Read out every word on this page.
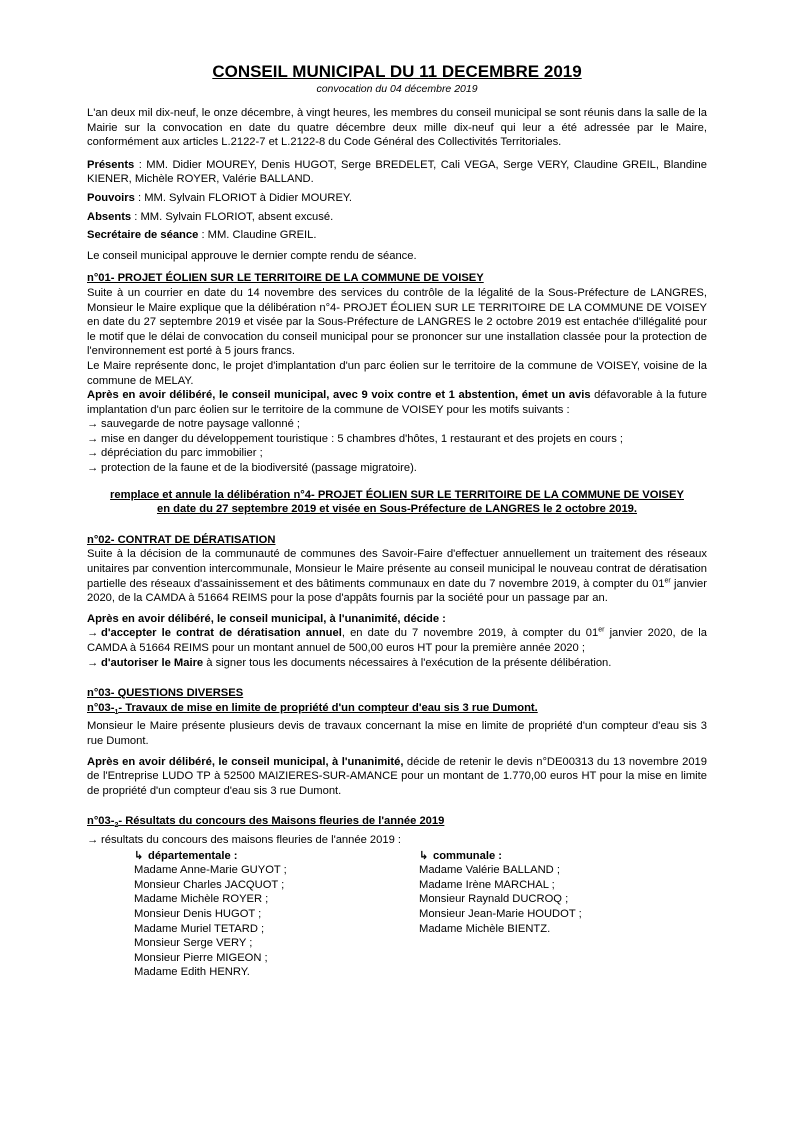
CONSEIL MUNICIPAL DU 11 DECEMBRE 2019
convocation du 04 décembre 2019

L'an deux mil dix-neuf, le onze décembre, à vingt heures, les membres du conseil municipal se sont réunis dans la salle de la Mairie sur la convocation en date du quatre décembre deux mille dix-neuf qui leur a été adressée par le Maire, conformément aux articles L.2122-7 et L.2122-8 du Code Général des Collectivités Territoriales.

Présents : MM. Didier MOUREY, Denis HUGOT, Serge BREDELET, Cali VEGA, Serge VERY, Claudine GREIL, Blandine KIENER, Michèle ROYER, Valérie BALLAND.

Pouvoirs : MM. Sylvain FLORIOT à Didier MOUREY.

Absents : MM. Sylvain FLORIOT, absent excusé.

Secrétaire de séance : MM. Claudine GREIL.

Le conseil municipal approuve le dernier compte rendu de séance.

n°01- PROJET ÉOLIEN SUR LE TERRITOIRE DE LA COMMUNE DE VOISEY

Suite à un courrier en date du 14 novembre des services du contrôle de la légalité de la Sous-Préfecture de LANGRES, Monsieur le Maire explique que la délibération n°4- PROJET ÉOLIEN SUR LE TERRITOIRE DE LA COMMUNE DE VOISEY en date du 27 septembre 2019 et visée par la Sous-Préfecture de LANGRES le 2 octobre 2019 est entachée d'illégalité pour le motif que le délai de convocation du conseil municipal pour se prononcer sur une installation classée pour la protection de l'environnement est porté à 5 jours francs.

Le Maire représente donc, le projet d'implantation d'un parc éolien sur le territoire de la commune de VOISEY, voisine de la commune de MELAY.

Après en avoir délibéré, le conseil municipal, avec 9 voix contre et 1 abstention, émet un avis défavorable à la future implantation d'un parc éolien sur le territoire de la commune de VOISEY pour les motifs suivants :

→ sauvegarde de notre paysage vallonné ;
→ mise en danger du développement touristique : 5 chambres d'hôtes, 1 restaurant et des projets en cours ;
→ dépréciation du parc immobilier ;
→ protection de la faune et de la biodiversité (passage migratoire).

remplace et annule la délibération n°4- PROJET ÉOLIEN SUR LE TERRITOIRE DE LA COMMUNE DE VOISEY

en date du 27 septembre 2019 et visée en Sous-Préfecture de LANGRES le 2 octobre 2019.

n°02- CONTRAT DE DÉRATISATION

Suite à la décision de la communauté de communes des Savoir-Faire d'effectuer annuellement un traitement des réseaux unitaires par convention intercommunale, Monsieur le Maire présente au conseil municipal le nouveau contrat de dératisation partielle des réseaux d'assainissement et des bâtiments communaux en date du 7 novembre 2019, à compter du 01er janvier 2020, de la CAMDA à 51664 REIMS pour la pose d'appâts fournis par la société pour un passage par an.

Après en avoir délibéré, le conseil municipal, à l'unanimité, décide :

→ d'accepter le contrat de dératisation annuel, en date du 7 novembre 2019, à compter du 01er janvier 2020, de la CAMDA à 51664 REIMS pour un montant annuel de 500,00 euros HT pour la première année 2020 ;

→ d'autoriser le Maire à signer tous les documents nécessaires à l'exécution de la présente délibération.

n°03- QUESTIONS DIVERSES

$n^\circ 03-_1-$ Travaux de mise en limite de propriété d'un compteur d'eau sis 3 rue Dumont.

Monsieur le Maire présente plusieurs devis de travaux concernant la mise en limite de propriété d'un compteur d'eau sis 3 rue Dumont.

Après en avoir délibéré, le conseil municipal, à l'unanimité, décide de retenir le devis n°DE00313 du 13 novembre 2019 de l'Entreprise LUDO TP à 52500 MAIZIERES-SUR-AMANCE pour un montant de 1.770,00 euros HT pour la mise en limite de propriété d'un compteur d'eau sis 3 rue Dumont.

$n^\circ 03-_2-$ Résultats du concours des Maisons fleuries de l'année 2019

→ résultats du concours des maisons fleuries de l'année 2019 :

↳ départementale :
Madame Anne-Marie GUYOT ;
Monsieur Charles JACQUOT ;
Madame Michèle ROYER ;
Monsieur Denis HUGOT ;
Madame Muriel TETARD ;
Monsieur Serge VERY ;
Monsieur Pierre MIGEON ;
Madame Edith HENRY.
↳ communale :
Madame Valérie BALLAND ;
Madame Irène MARCHAL ;
Monsieur Raynald DUCROQ ;
Monsieur Jean-Marie HOUDOT ;
Madame Michèle BIENTZ.
